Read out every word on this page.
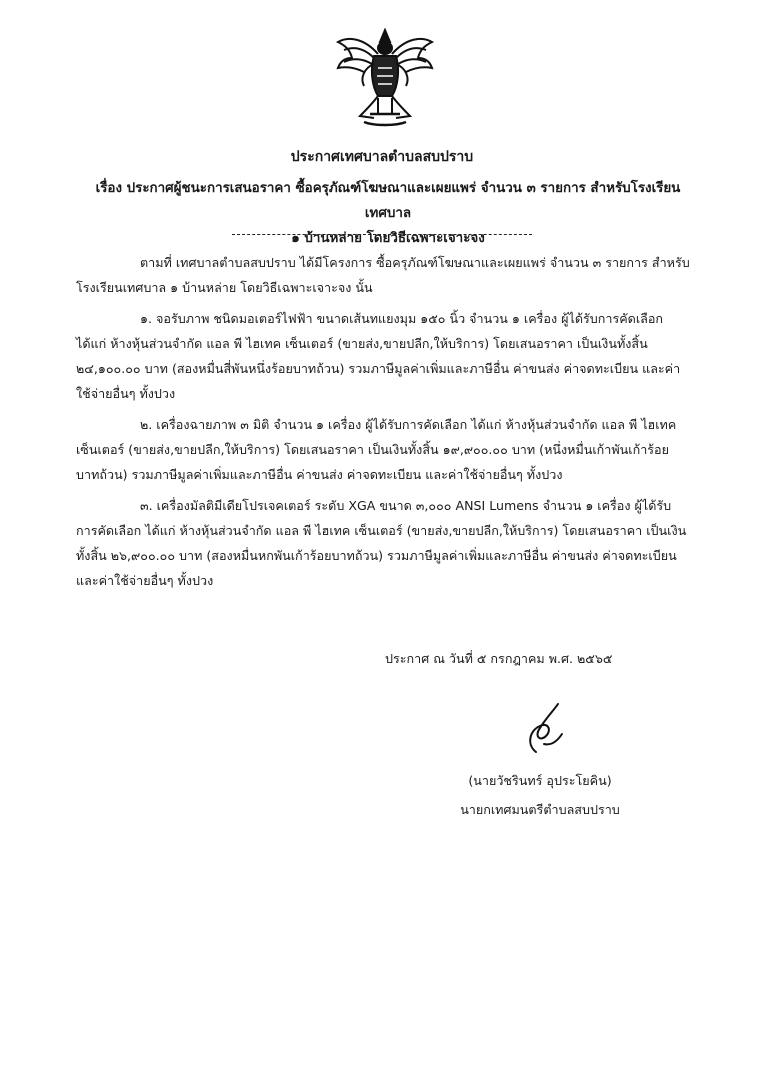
ประกาศเทศบาลตำบลสบปราบ
เรื่อง ประกาศผู้ชนะการเสนอราคา ซื้อครุภัณฑ์โฆษณาและเผยแพร่ จำนวน ๓ รายการ สำหรับโรงเรียนเทศบาล
๑ บ้านหล่าย โดยวิธีเฉพาะเจาะจง

ตามที่ เทศบาลตำบลสบปราบ ได้มีโครงการ ซื้อครุภัณฑ์โฆษณาและเผยแพร่ จำนวน ๓ รายการ สำหรับโรงเรียนเทศบาล ๑ บ้านหล่าย โดยวิธีเฉพาะเจาะจง นั้น

๑. จอรับภาพ ชนิดมอเตอร์ไฟฟ้า ขนาดเส้นทแยงมุม ๑๕๐ นิ้ว จำนวน ๑ เครื่อง ผู้ได้รับการคัดเลือก ได้แก่ ห้างหุ้นส่วนจำกัด แอล พี ไฮเทค เซ็นเตอร์ (ขายส่ง,ขายปลีก,ให้บริการ) โดยเสนอราคา เป็นเงินทั้งสิ้น ๒๔,๑๐๐.๐๐ บาท (สองหมื่นสี่พันหนึ่งร้อยบาทถ้วน) รวมภาษีมูลค่าเพิ่มและภาษีอื่น ค่าขนส่ง ค่าจดทะเบียน และค่าใช้จ่ายอื่นๆ ทั้งปวง

๒. เครื่องฉายภาพ ๓ มิติ จำนวน ๑ เครื่อง ผู้ได้รับการคัดเลือก ได้แก่ ห้างหุ้นส่วนจำกัด แอล พี ไฮเทค เซ็นเตอร์ (ขายส่ง,ขายปลีก,ให้บริการ) โดยเสนอราคา เป็นเงินทั้งสิ้น ๑๙,๙๐๐.๐๐ บาท (หนึ่งหมื่นเก้าพันเก้าร้อยบาทถ้วน) รวมภาษีมูลค่าเพิ่มและภาษีอื่น ค่าขนส่ง ค่าจดทะเบียน และค่าใช้จ่ายอื่นๆ ทั้งปวง

๓. เครื่องมัลติมีเดียโปรเจคเตอร์ ระดับ XGA ขนาด ๓,๐๐๐ ANSI Lumens จำนวน ๑ เครื่อง ผู้ได้รับการคัดเลือก ได้แก่ ห้างหุ้นส่วนจำกัด แอล พี ไฮเทค เซ็นเตอร์ (ขายส่ง,ขายปลีก,ให้บริการ) โดยเสนอราคา เป็นเงินทั้งสิ้น ๒๖,๙๐๐.๐๐ บาท (สองหมื่นหกพันเก้าร้อยบาทถ้วน) รวมภาษีมูลค่าเพิ่มและภาษีอื่น ค่าขนส่ง ค่าจดทะเบียน และค่าใช้จ่ายอื่นๆ ทั้งปวง

ประกาศ ณ วันที่ ๕ กรกฎาคม พ.ศ. ๒๕๖๕
(นายวัชรินทร์ อุประโยคิน)
นายกเทศมนตรีตำบลสบปราบ
